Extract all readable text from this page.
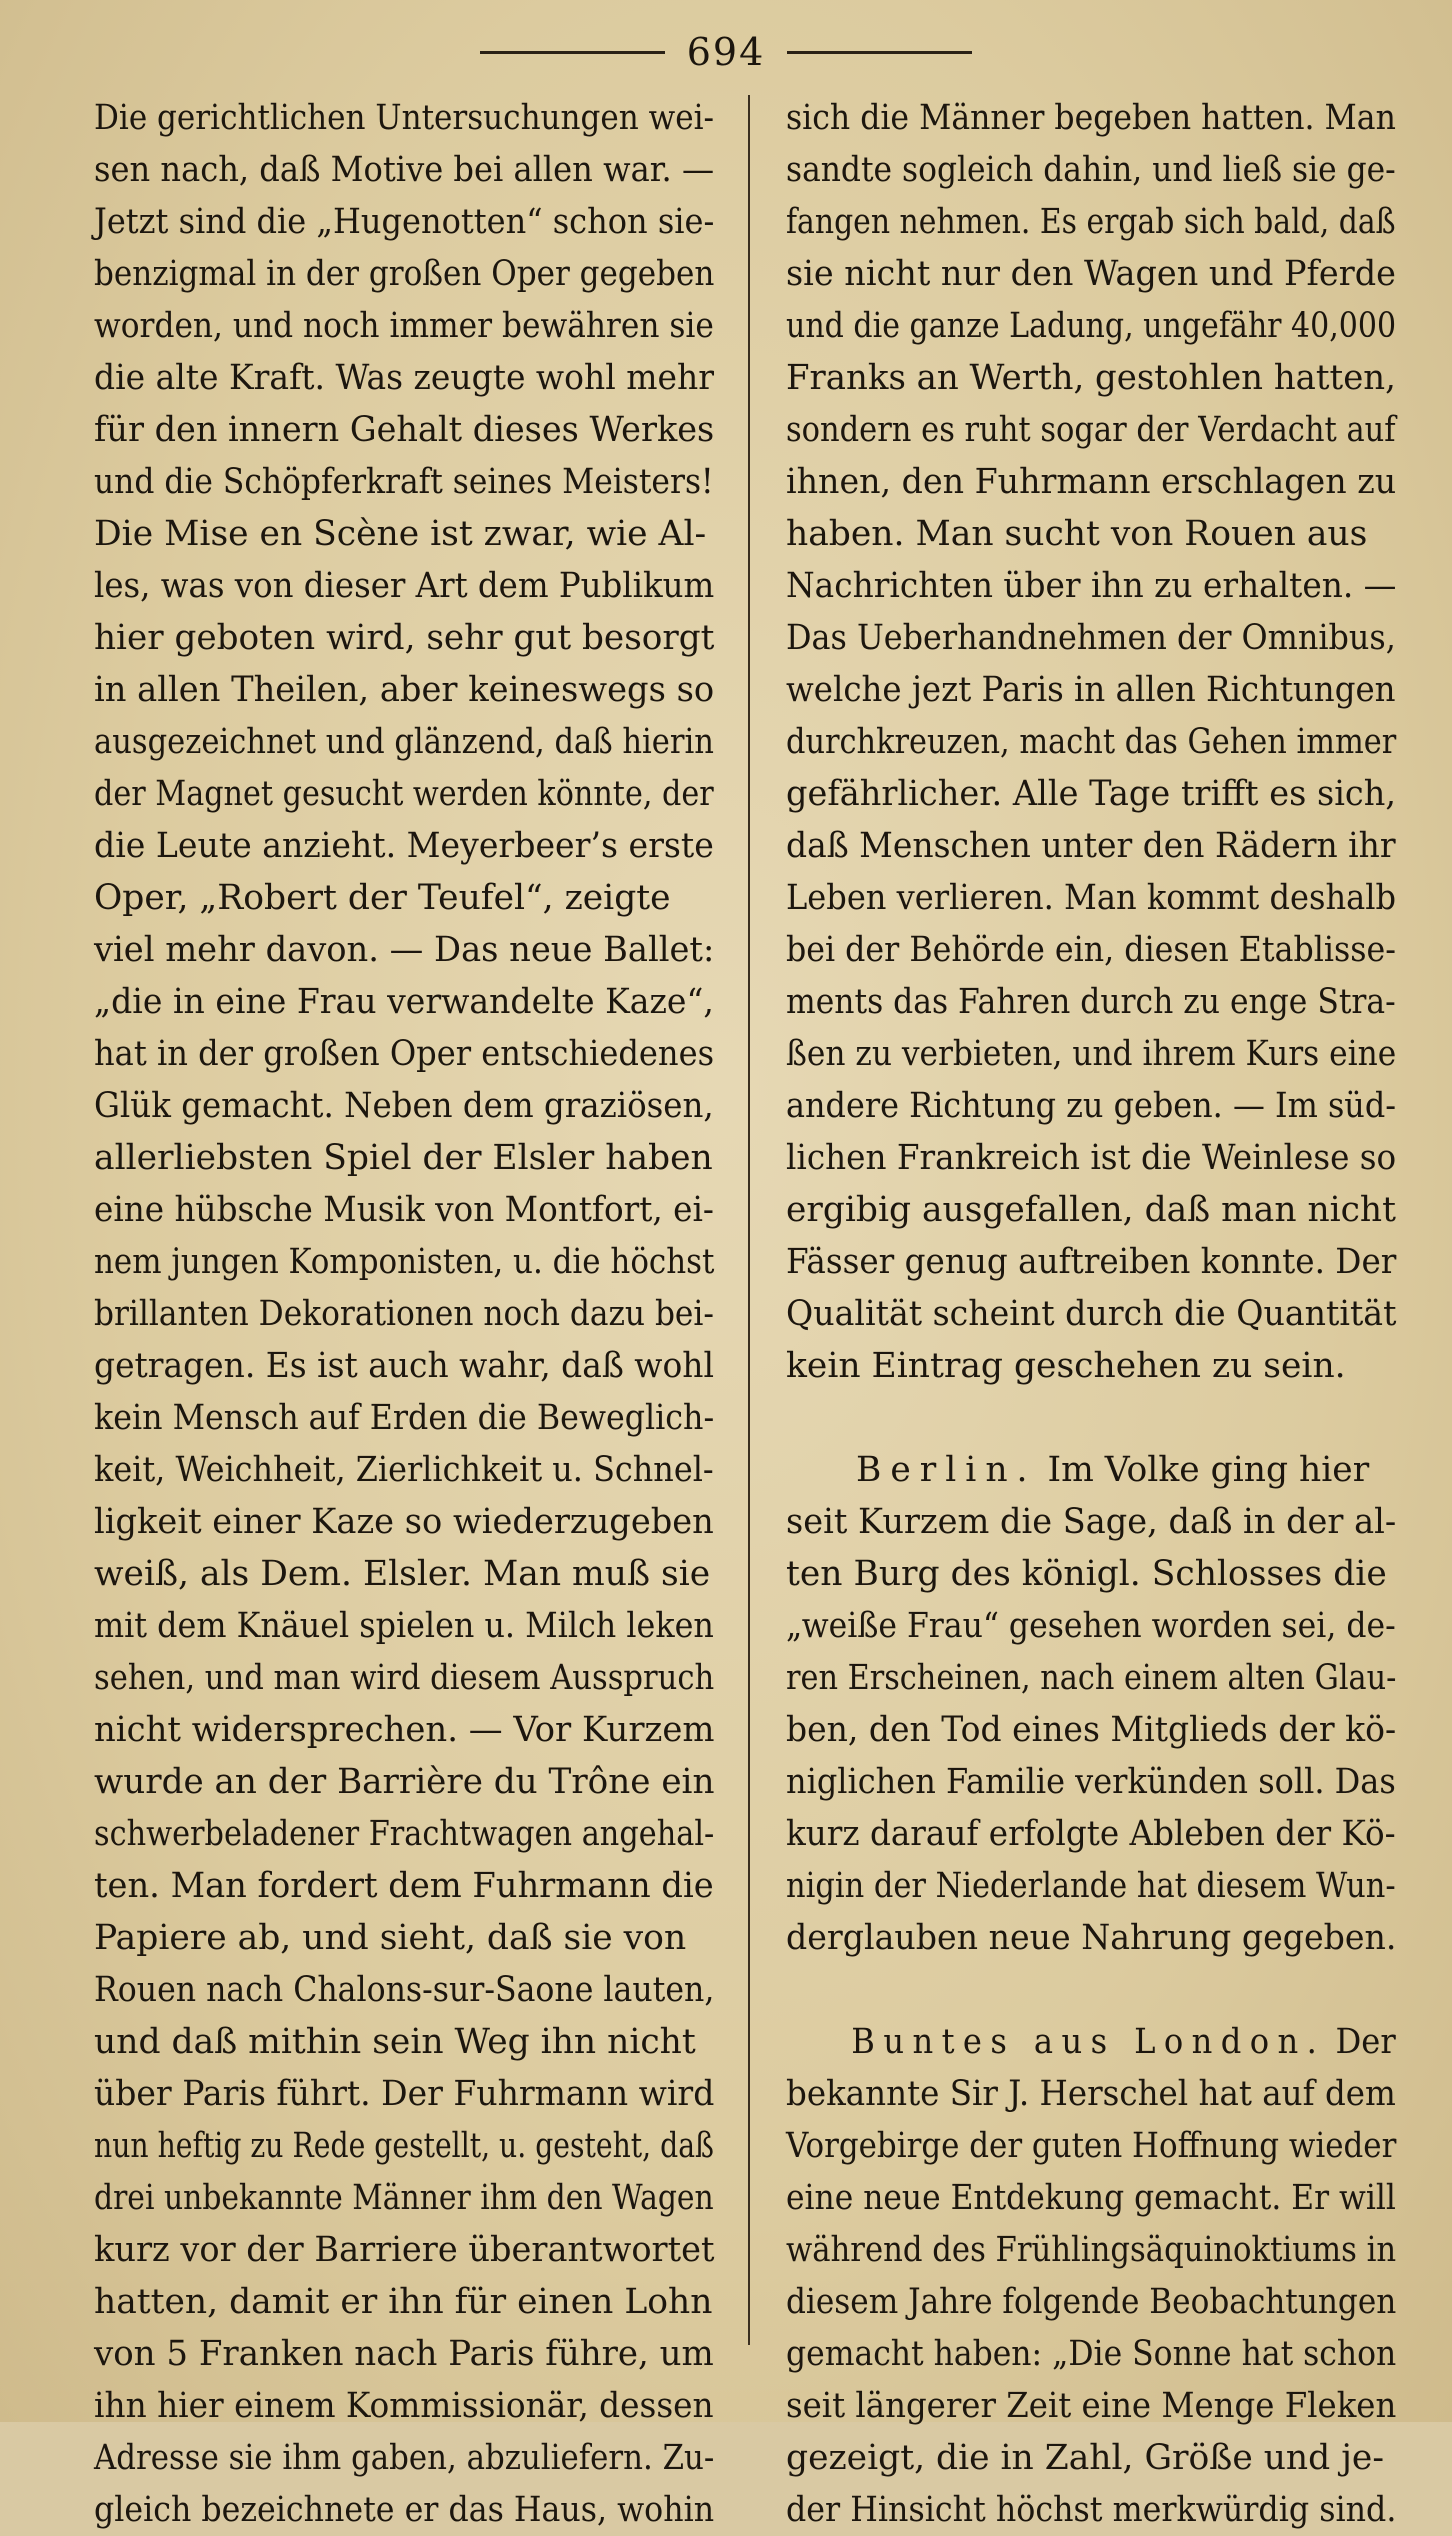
694
Die gerichtlichen Untersuchungen wei-
sen nach, daß Motive bei allen war. —
Jetzt sind die „Hugenotten“ schon sie-
benzigmal in der großen Oper gegeben
worden, und noch immer bewähren sie
die alte Kraft. Was zeugte wohl mehr
für den innern Gehalt dieses Werkes
und die Schöpferkraft seines Meisters!
Die Mise en Scène ist zwar, wie Al-
les, was von dieser Art dem Publikum
hier geboten wird, sehr gut besorgt
in allen Theilen, aber keineswegs so
ausgezeichnet und glänzend, daß hierin
der Magnet gesucht werden könnte, der
die Leute anzieht. Meyerbeer’s erste
Oper, „Robert der Teufel“, zeigte
viel mehr davon. — Das neue Ballet:
„die in eine Frau verwandelte Kaze“,
hat in der großen Oper entschiedenes
Glük gemacht. Neben dem graziösen,
allerliebsten Spiel der Elsler haben
eine hübsche Musik von Montfort, ei-
nem jungen Komponisten, u. die höchst
brillanten Dekorationen noch dazu bei-
getragen. Es ist auch wahr, daß wohl
kein Mensch auf Erden die Beweglich-
keit, Weichheit, Zierlichkeit u. Schnel-
ligkeit einer Kaze so wiederzugeben
weiß, als Dem. Elsler. Man muß sie
mit dem Knäuel spielen u. Milch leken
sehen, und man wird diesem Ausspruch
nicht widersprechen. — Vor Kurzem
wurde an der Barrière du Trône ein
schwerbeladener Frachtwagen angehal-
ten. Man fordert dem Fuhrmann die
Papiere ab, und sieht, daß sie von
Rouen nach Chalons-sur-Saone lauten,
und daß mithin sein Weg ihn nicht
über Paris führt. Der Fuhrmann wird
nun heftig zu Rede gestellt, u. gesteht, daß
drei unbekannte Männer ihm den Wagen
kurz vor der Barriere überantwortet
hatten, damit er ihn für einen Lohn
von 5 Franken nach Paris führe, um
ihn hier einem Kommissionär, dessen
Adresse sie ihm gaben, abzuliefern. Zu-
gleich bezeichnete er das Haus, wohin
sich die Männer begeben hatten. Man
sandte sogleich dahin, und ließ sie ge-
fangen nehmen. Es ergab sich bald, daß
sie nicht nur den Wagen und Pferde
und die ganze Ladung, ungefähr 40,000
Franks an Werth, gestohlen hatten,
sondern es ruht sogar der Verdacht auf
ihnen, den Fuhrmann erschlagen zu
haben. Man sucht von Rouen aus
Nachrichten über ihn zu erhalten. —
Das Ueberhandnehmen der Omnibus,
welche jezt Paris in allen Richtungen
durchkreuzen, macht das Gehen immer
gefährlicher. Alle Tage trifft es sich,
daß Menschen unter den Rädern ihr
Leben verlieren. Man kommt deshalb
bei der Behörde ein, diesen Etablisse-
ments das Fahren durch zu enge Stra-
ßen zu verbieten, und ihrem Kurs eine
andere Richtung zu geben. — Im süd-
lichen Frankreich ist die Weinlese so
ergibig ausgefallen, daß man nicht
Fässer genug auftreiben konnte. Der
Qualität scheint durch die Quantität
kein Eintrag geschehen zu sein.
Berlin. Im Volke ging hier
seit Kurzem die Sage, daß in der al-
ten Burg des königl. Schlosses die
„weiße Frau“ gesehen worden sei, de-
ren Erscheinen, nach einem alten Glau-
ben, den Tod eines Mitglieds der kö-
niglichen Familie verkünden soll. Das
kurz darauf erfolgte Ableben der Kö-
nigin der Niederlande hat diesem Wun-
derglauben neue Nahrung gegeben.
Buntes aus London. Der
bekannte Sir J. Herschel hat auf dem
Vorgebirge der guten Hoffnung wieder
eine neue Entdekung gemacht. Er will
während des Frühlingsäquinoktiums in
diesem Jahre folgende Beobachtungen
gemacht haben: „Die Sonne hat schon
seit längerer Zeit eine Menge Fleken
gezeigt, die in Zahl, Größe und je-
der Hinsicht höchst merkwürdig sind.
